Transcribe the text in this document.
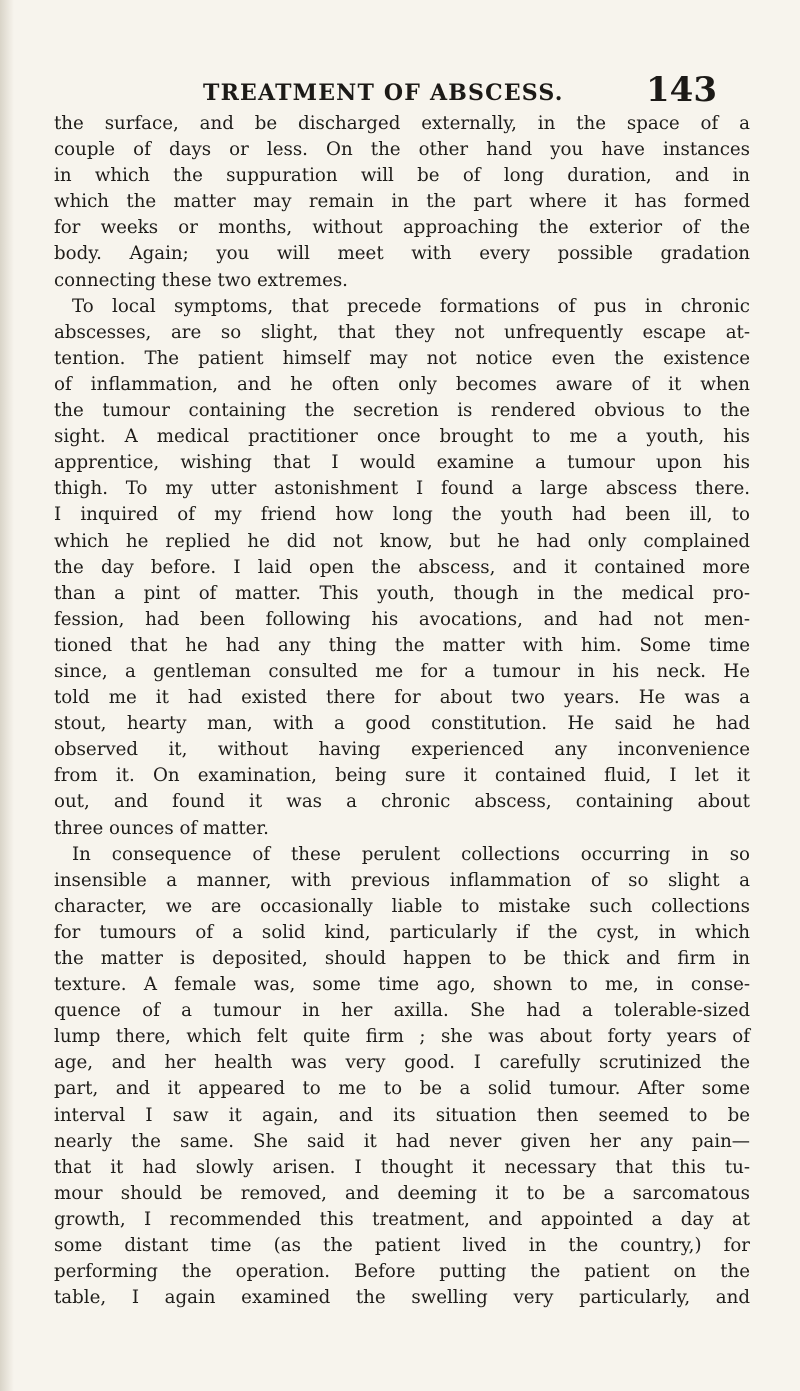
TREATMENT OF ABSCESS. 143
the surface, and be discharged externally, in the space of a
couple of days or less. On the other hand you have instances
in which the suppuration will be of long duration, and in
which the matter may remain in the part where it has formed
for weeks or months, without approaching the exterior of the
body. Again; you will meet with every possible gradation
connecting these two extremes.
To local symptoms, that precede formations of pus in chronic
abscesses, are so slight, that they not unfrequently escape at-
tention. The patient himself may not notice even the existence
of inflammation, and he often only becomes aware of it when
the tumour containing the secretion is rendered obvious to the
sight. A medical practitioner once brought to me a youth, his
apprentice, wishing that I would examine a tumour upon his
thigh. To my utter astonishment I found a large abscess there.
I inquired of my friend how long the youth had been ill, to
which he replied he did not know, but he had only complained
the day before. I laid open the abscess, and it contained more
than a pint of matter. This youth, though in the medical pro-
fession, had been following his avocations, and had not men-
tioned that he had any thing the matter with him. Some time
since, a gentleman consulted me for a tumour in his neck. He
told me it had existed there for about two years. He was a
stout, hearty man, with a good constitution. He said he had
observed it, without having experienced any inconvenience
from it. On examination, being sure it contained fluid, I let it
out, and found it was a chronic abscess, containing about
three ounces of matter.
In consequence of these perulent collections occurring in so
insensible a manner, with previous inflammation of so slight a
character, we are occasionally liable to mistake such collections
for tumours of a solid kind, particularly if the cyst, in which
the matter is deposited, should happen to be thick and firm in
texture. A female was, some time ago, shown to me, in conse-
quence of a tumour in her axilla. She had a tolerable-sized
lump there, which felt quite firm ; she was about forty years of
age, and her health was very good. I carefully scrutinized the
part, and it appeared to me to be a solid tumour. After some
interval I saw it again, and its situation then seemed to be
nearly the same. She said it had never given her any pain—
that it had slowly arisen. I thought it necessary that this tu-
mour should be removed, and deeming it to be a sarcomatous
growth, I recommended this treatment, and appointed a day at
some distant time (as the patient lived in the country,) for
performing the operation. Before putting the patient on the
table, I again examined the swelling very particularly, and
